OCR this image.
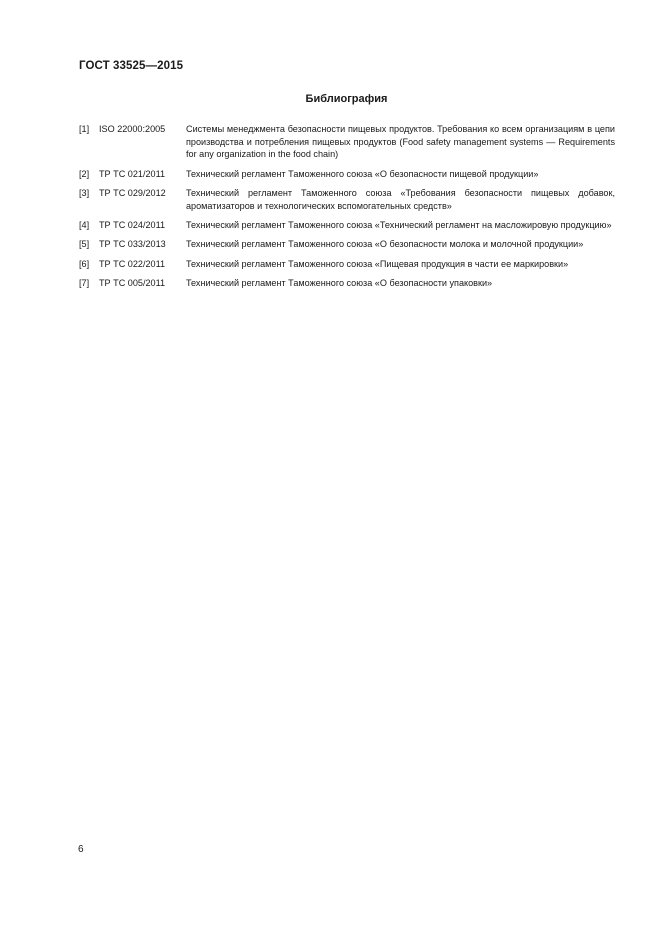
ГОСТ 33525—2015
Библиография
[1]	ISO 22000:2005	Системы менеджмента безопасности пищевых продуктов. Требования ко всем организациям в цепи производства и потребления пищевых продуктов (Food safety management systems — Requirements for any organization in the food chain)
[2]	ТР ТС 021/2011	Технический регламент Таможенного союза «О безопасности пищевой продукции»
[3]	ТР ТС 029/2012	Технический регламент Таможенного союза «Требования безопасности пищевых добавок, ароматизаторов и технологических вспомогательных средств»
[4]	ТР ТС 024/2011	Технический регламент Таможенного союза «Технический регламент на масложировую продукцию»
[5]	ТР ТС 033/2013	Технический регламент Таможенного союза «О безопасности молока и молочной продукции»
[6]	ТР ТС 022/2011	Технический регламент Таможенного союза «Пищевая продукция в части ее маркировки»
[7]	ТР ТС 005/2011	Технический регламент Таможенного союза «О безопасности упаковки»
6
